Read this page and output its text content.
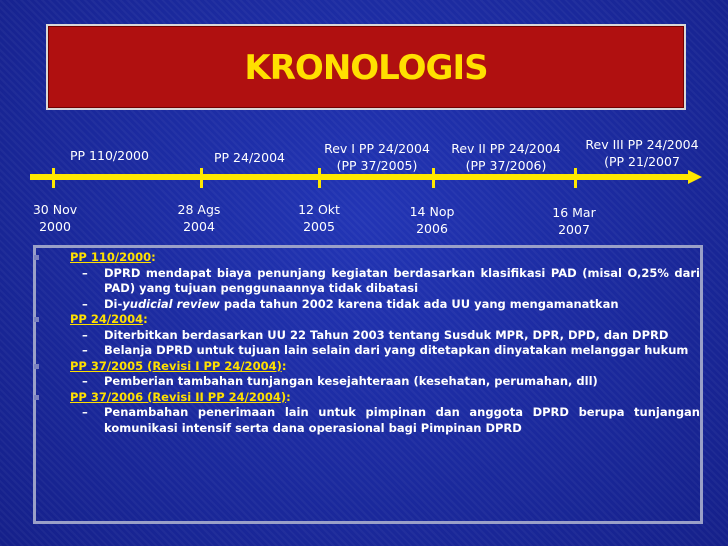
KRONOLOGIS
PP 110/2000	PP 24/2004
Rev I PP 24/2004
(PP 37/2005)
Rev II PP 24/2004
(PP 37/2006)
Rev III PP 24/2004
(PP 21/2007
30 Nov
2000
28 Ags
2004
12 Okt
2005
14 Nop
2006
16 Mar
2007
PP 110/2000:
– DPRD mendapat biaya penunjang kegiatan berdasarkan klasifikasi PAD (misal O,25% dari PAD) yang tujuan penggunaannya tidak dibatasi
– Di-yudicial review pada tahun 2002 karena tidak ada UU yang mengamanatkan
PP 24/2004:
– Diterbitkan berdasarkan UU 22 Tahun 2003 tentang Susduk MPR, DPR, DPD, dan DPRD
– Belanja DPRD untuk tujuan lain selain dari yang ditetapkan dinyatakan melanggar hukum
PP 37/2005 (Revisi I PP 24/2004):
– Pemberian tambahan tunjangan kesejahteraan (kesehatan, perumahan, dll)
PP 37/2006 (Revisi II PP 24/2004):
– Penambahan penerimaan lain untuk pimpinan dan anggota DPRD berupa tunjangan komunikasi intensif serta dana operasional bagi Pimpinan DPRD
